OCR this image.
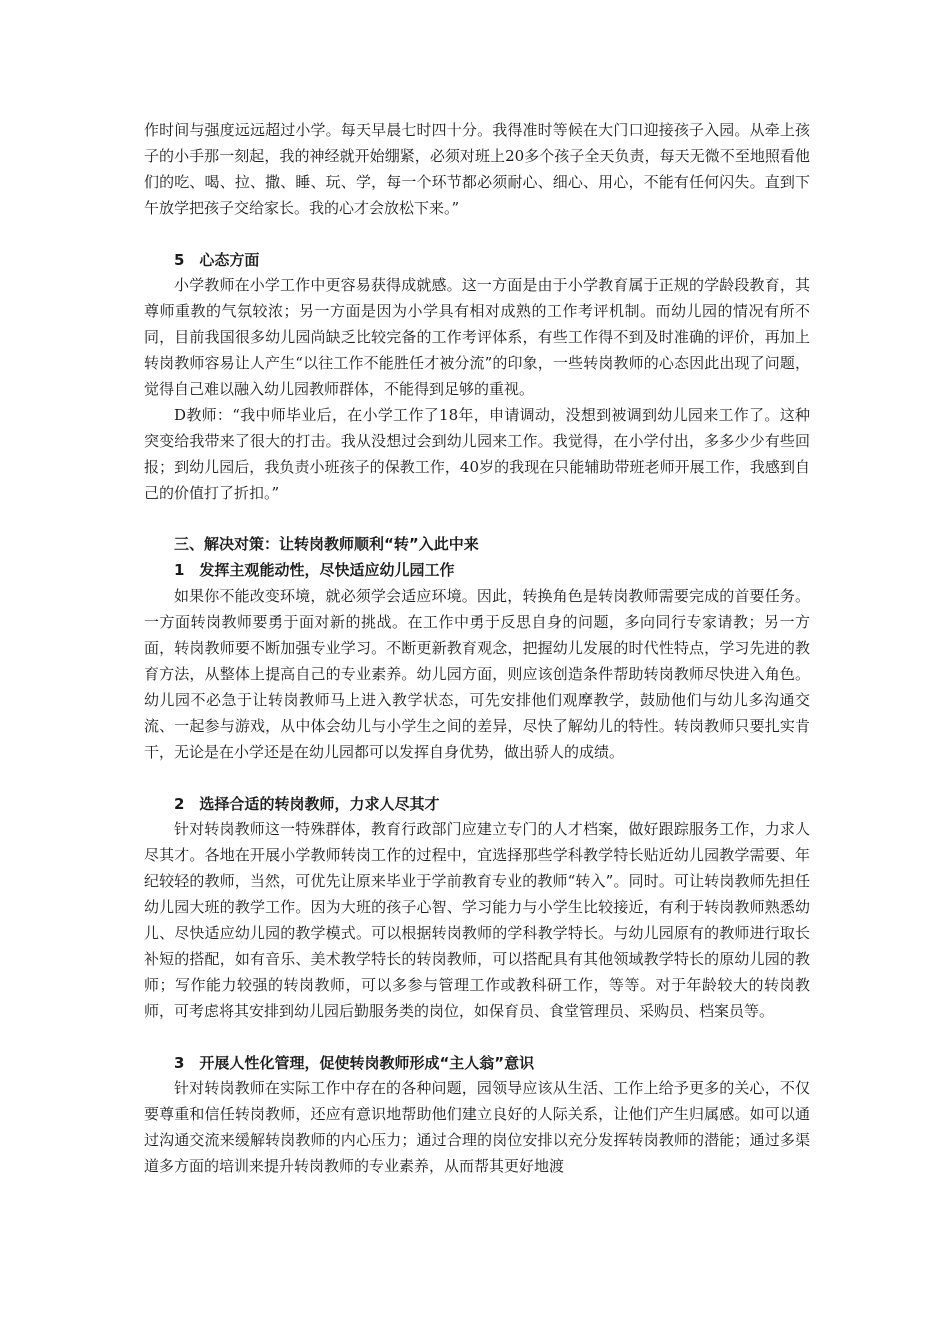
作时间与强度远远超过小学。每天早晨七时四十分。我得准时等候在大门口迎接孩子入园。从牵上孩子的小手那一刻起，我的神经就开始绷紧，必须对班上20多个孩子全天负责，每天无微不至地照看他们的吃、喝、拉、撒、睡、玩、学，每一个环节都必须耐心、细心、用心，不能有任何闪失。直到下午放学把孩子交给家长。我的心才会放松下来。”

5　心态方面

小学教师在小学工作中更容易获得成就感。这一方面是由于小学教育属于正规的学龄段教育，其尊师重教的气氛较浓；另一方面是因为小学具有相对成熟的工作考评机制。而幼儿园的情况有所不同，目前我国很多幼儿园尚缺乏比较完备的工作考评体系，有些工作得不到及时准确的评价，再加上转岗教师容易让人产生“以往工作不能胜任才被分流”的印象，一些转岗教师的心态因此出现了问题，觉得自己难以融入幼儿园教师群体，不能得到足够的重视。

D教师：“我中师毕业后，在小学工作了18年，申请调动，没想到被调到幼儿园来工作了。这种突变给我带来了很大的打击。我从没想过会到幼儿园来工作。我觉得，在小学付出，多多少少有些回报；到幼儿园后，我负责小班孩子的保教工作，40岁的我现在只能辅助带班老师开展工作，我感到自己的价值打了折扣。”

三、解决对策：让转岗教师顺利“转”入此中来
1　发挥主观能动性，尽快适应幼儿园工作

如果你不能改变环境，就必须学会适应环境。因此，转换角色是转岗教师需要完成的首要任务。一方面转岗教师要勇于面对新的挑战。在工作中勇于反思自身的问题，多向同行专家请教；另一方面，转岗教师要不断加强专业学习。不断更新教育观念，把握幼儿发展的时代性特点，学习先进的教育方法，从整体上提高自己的专业素养。幼儿园方面，则应该创造条件帮助转岗教师尽快进入角色。幼儿园不必急于让转岗教师马上进入教学状态，可先安排他们观摩教学，鼓励他们与幼儿多沟通交流、一起参与游戏，从中体会幼儿与小学生之间的差异，尽快了解幼儿的特性。转岗教师只要扎实肯干，无论是在小学还是在幼儿园都可以发挥自身优势，做出骄人的成绩。

2　选择合适的转岗教师，力求人尽其才

针对转岗教师这一特殊群体，教育行政部门应建立专门的人才档案，做好跟踪服务工作，力求人尽其才。各地在开展小学教师转岗工作的过程中，宜选择那些学科教学特长贴近幼儿园教学需要、年纪较轻的教师，当然，可优先让原来毕业于学前教育专业的教师“转入”。同时。可让转岗教师先担任幼儿园大班的教学工作。因为大班的孩子心智、学习能力与小学生比较接近，有利于转岗教师熟悉幼儿、尽快适应幼儿园的教学模式。可以根据转岗教师的学科教学特长。与幼儿园原有的教师进行取长补短的搭配，如有音乐、美术教学特长的转岗教师，可以搭配具有其他领域教学特长的原幼儿园的教师；写作能力较强的转岗教师，可以多参与管理工作或教科研工作，等等。对于年龄较大的转岗教师，可考虑将其安排到幼儿园后勤服务类的岗位，如保育员、食堂管理员、采购员、档案员等。

3　开展人性化管理，促使转岗教师形成“主人翁”意识

针对转岗教师在实际工作中存在的各种问题，园领导应该从生活、工作上给予更多的关心，不仅要尊重和信任转岗教师，还应有意识地帮助他们建立良好的人际关系，让他们产生归属感。如可以通过沟通交流来缓解转岗教师的内心压力；通过合理的岗位安排以充分发挥转岗教师的潜能；通过多渠道多方面的培训来提升转岗教师的专业素养，从而帮其更好地渡
